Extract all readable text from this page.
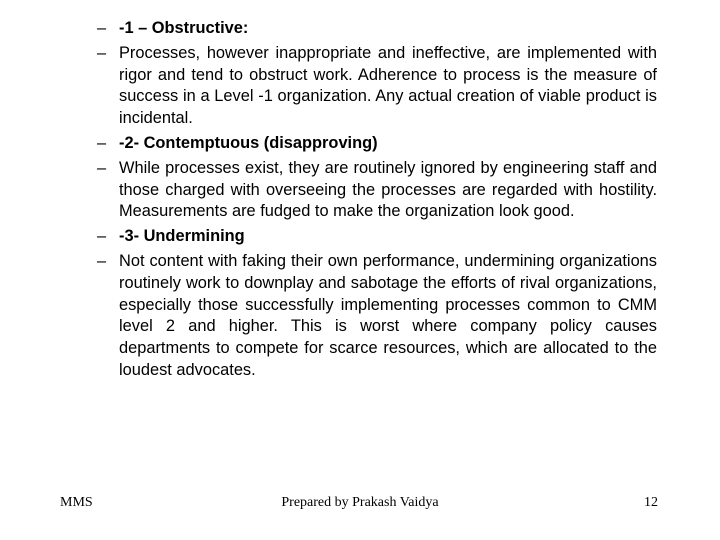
– -1 – Obstructive:
– Processes, however inappropriate and ineffective, are implemented with rigor and tend to obstruct work. Adherence to process is the measure of success in a Level -1 organization. Any actual creation of viable product is incidental.
– -2- Contemptuous (disapproving)
– While processes exist, they are routinely ignored by engineering staff and those charged with overseeing the processes are regarded with hostility. Measurements are fudged to make the organization look good.
– -3- Undermining
– Not content with faking their own performance, undermining organizations routinely work to downplay and sabotage the efforts of rival organizations, especially those successfully implementing processes common to CMM level 2 and higher. This is worst where company policy causes departments to compete for scarce resources, which are allocated to the loudest advocates.
MMS	Prepared by Prakash Vaidya	12
